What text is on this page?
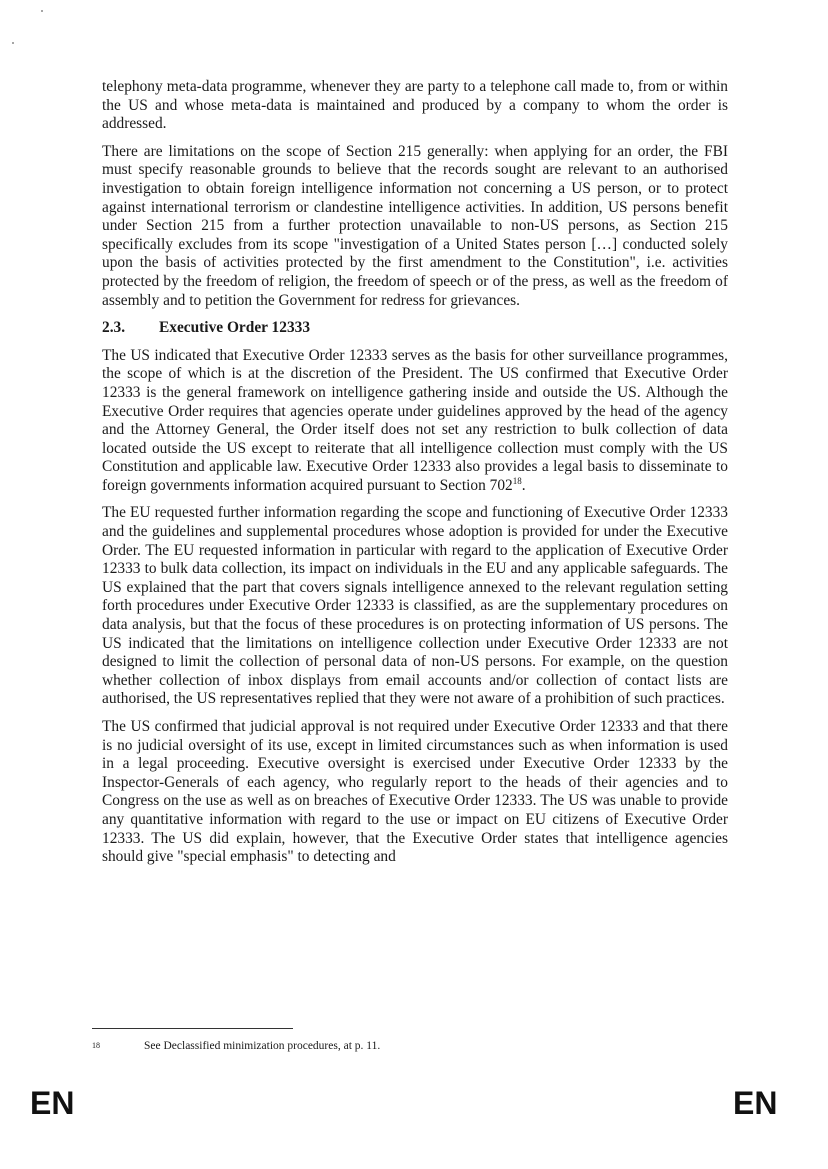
telephony meta-data programme, whenever they are party to a telephone call made to, from or within the US and whose meta-data is maintained and produced by a company to whom the order is addressed.

There are limitations on the scope of Section 215 generally: when applying for an order, the FBI must specify reasonable grounds to believe that the records sought are relevant to an authorised investigation to obtain foreign intelligence information not concerning a US person, or to protect against international terrorism or clandestine intelligence activities. In addition, US persons benefit under Section 215 from a further protection unavailable to non-US persons, as Section 215 specifically excludes from its scope "investigation of a United States person […] conducted solely upon the basis of activities protected by the first amendment to the Constitution", i.e. activities protected by the freedom of religion, the freedom of speech or of the press, as well as the freedom of assembly and to petition the Government for redress for grievances.

2.3. Executive Order 12333

The US indicated that Executive Order 12333 serves as the basis for other surveillance programmes, the scope of which is at the discretion of the President. The US confirmed that Executive Order 12333 is the general framework on intelligence gathering inside and outside the US. Although the Executive Order requires that agencies operate under guidelines approved by the head of the agency and the Attorney General, the Order itself does not set any restriction to bulk collection of data located outside the US except to reiterate that all intelligence collection must comply with the US Constitution and applicable law. Executive Order 12333 also provides a legal basis to disseminate to foreign governments information acquired pursuant to Section $702^{18}$.

The EU requested further information regarding the scope and functioning of Executive Order 12333 and the guidelines and supplemental procedures whose adoption is provided for under the Executive Order. The EU requested information in particular with regard to the application of Executive Order 12333 to bulk data collection, its impact on individuals in the EU and any applicable safeguards. The US explained that the part that covers signals intelligence annexed to the relevant regulation setting forth procedures under Executive Order 12333 is classified, as are the supplementary procedures on data analysis, but that the focus of these procedures is on protecting information of US persons. The US indicated that the limitations on intelligence collection under Executive Order 12333 are not designed to limit the collection of personal data of non-US persons. For example, on the question whether collection of inbox displays from email accounts and/or collection of contact lists are authorised, the US representatives replied that they were not aware of a prohibition of such practices.

The US confirmed that judicial approval is not required under Executive Order 12333 and that there is no judicial oversight of its use, except in limited circumstances such as when information is used in a legal proceeding. Executive oversight is exercised under Executive Order 12333 by the Inspector-Generals of each agency, who regularly report to the heads of their agencies and to Congress on the use as well as on breaches of Executive Order 12333. The US was unable to provide any quantitative information with regard to the use or impact on EU citizens of Executive Order 12333. The US did explain, however, that the Executive Order states that intelligence agencies should give "special emphasis" to detecting and

18	See Declassified minimization procedures, at p. 11.
EN	EN
